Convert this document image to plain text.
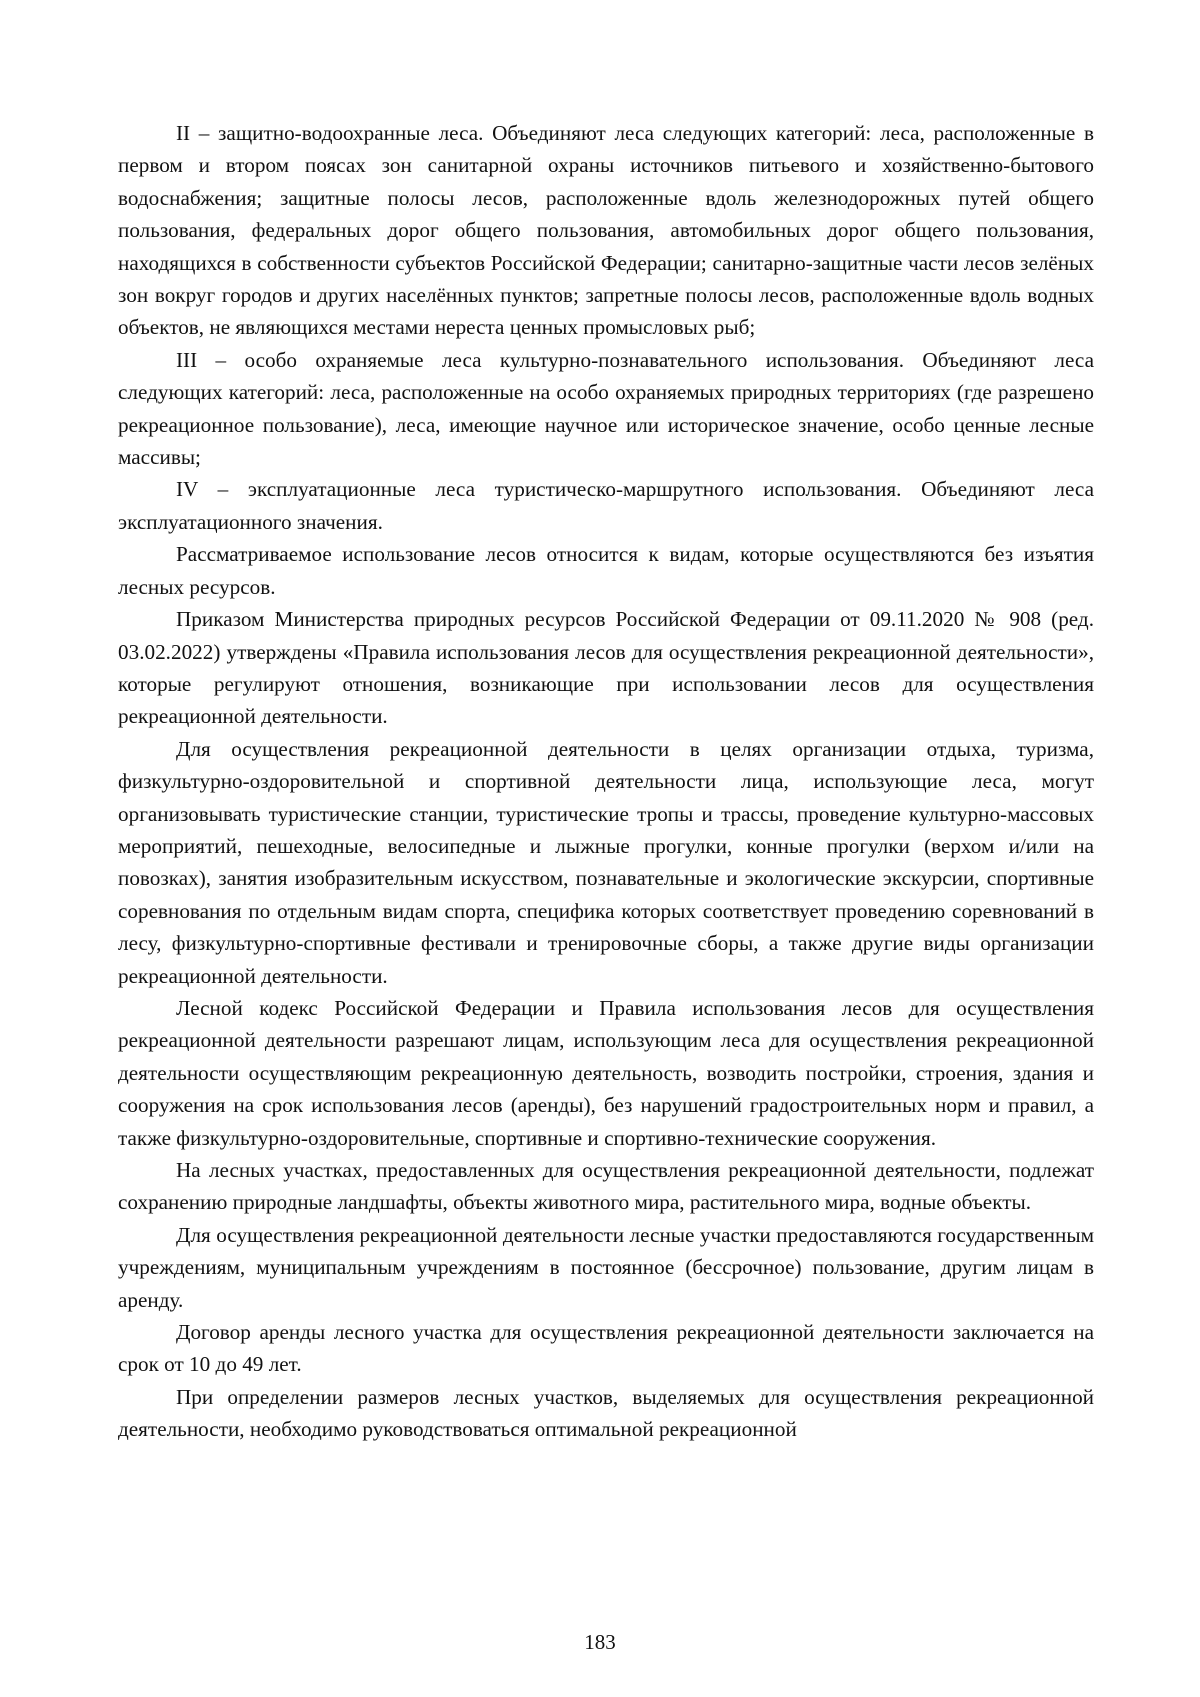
II – защитно-водоохранные леса. Объединяют леса следующих категорий: леса, расположенные в первом и втором поясах зон санитарной охраны источников питьевого и хозяйственно-бытового водоснабжения; защитные полосы лесов, расположенные вдоль железнодорожных путей общего пользования, федеральных дорог общего пользования, автомобильных дорог общего пользования, находящихся в собственности субъектов Российской Федерации; санитарно-защитные части лесов зелёных зон вокруг городов и других населённых пунктов; запретные полосы лесов, расположенные вдоль водных объектов, не являющихся местами нереста ценных промысловых рыб;

III – особо охраняемые леса культурно-познавательного использования. Объединяют леса следующих категорий: леса, расположенные на особо охраняемых природных территориях (где разрешено рекреационное пользование), леса, имеющие научное или историческое значение, особо ценные лесные массивы;

IV – эксплуатационные леса туристическо-маршрутного использования. Объединяют леса эксплуатационного значения.

Рассматриваемое использование лесов относится к видам, которые осуществляются без изъятия лесных ресурсов.

Приказом Министерства природных ресурсов Российской Федерации от 09.11.2020 № 908 (ред. 03.02.2022) утверждены «Правила использования лесов для осуществления рекреационной деятельности», которые регулируют отношения, возникающие при использовании лесов для осуществления рекреационной деятельности.

Для осуществления рекреационной деятельности в целях организации отдыха, туризма, физкультурно-оздоровительной и спортивной деятельности лица, использующие леса, могут организовывать туристические станции, туристические тропы и трассы, проведение культурно-массовых мероприятий, пешеходные, велосипедные и лыжные прогулки, конные прогулки (верхом и/или на повозках), занятия изобразительным искусством, познавательные и экологические экскурсии, спортивные соревнования по отдельным видам спорта, специфика которых соответствует проведению соревнований в лесу, физкультурно-спортивные фестивали и тренировочные сборы, а также другие виды организации рекреационной деятельности.

Лесной кодекс Российской Федерации и Правила использования лесов для осуществления рекреационной деятельности разрешают лицам, использующим леса для осуществления рекреационной деятельности осуществляющим рекреационную деятельность, возводить постройки, строения, здания и сооружения на срок использования лесов (аренды), без нарушений градостроительных норм и правил, а также физкультурно-оздоровительные, спортивные и спортивно-технические сооружения.

На лесных участках, предоставленных для осуществления рекреационной деятельности, подлежат сохранению природные ландшафты, объекты животного мира, растительного мира, водные объекты.

Для осуществления рекреационной деятельности лесные участки предоставляются государственным учреждениям, муниципальным учреждениям в постоянное (бессрочное) пользование, другим лицам в аренду.

Договор аренды лесного участка для осуществления рекреационной деятельности заключается на срок от 10 до 49 лет.

При определении размеров лесных участков, выделяемых для осуществления рекреационной деятельности, необходимо руководствоваться оптимальной рекреационной

183
